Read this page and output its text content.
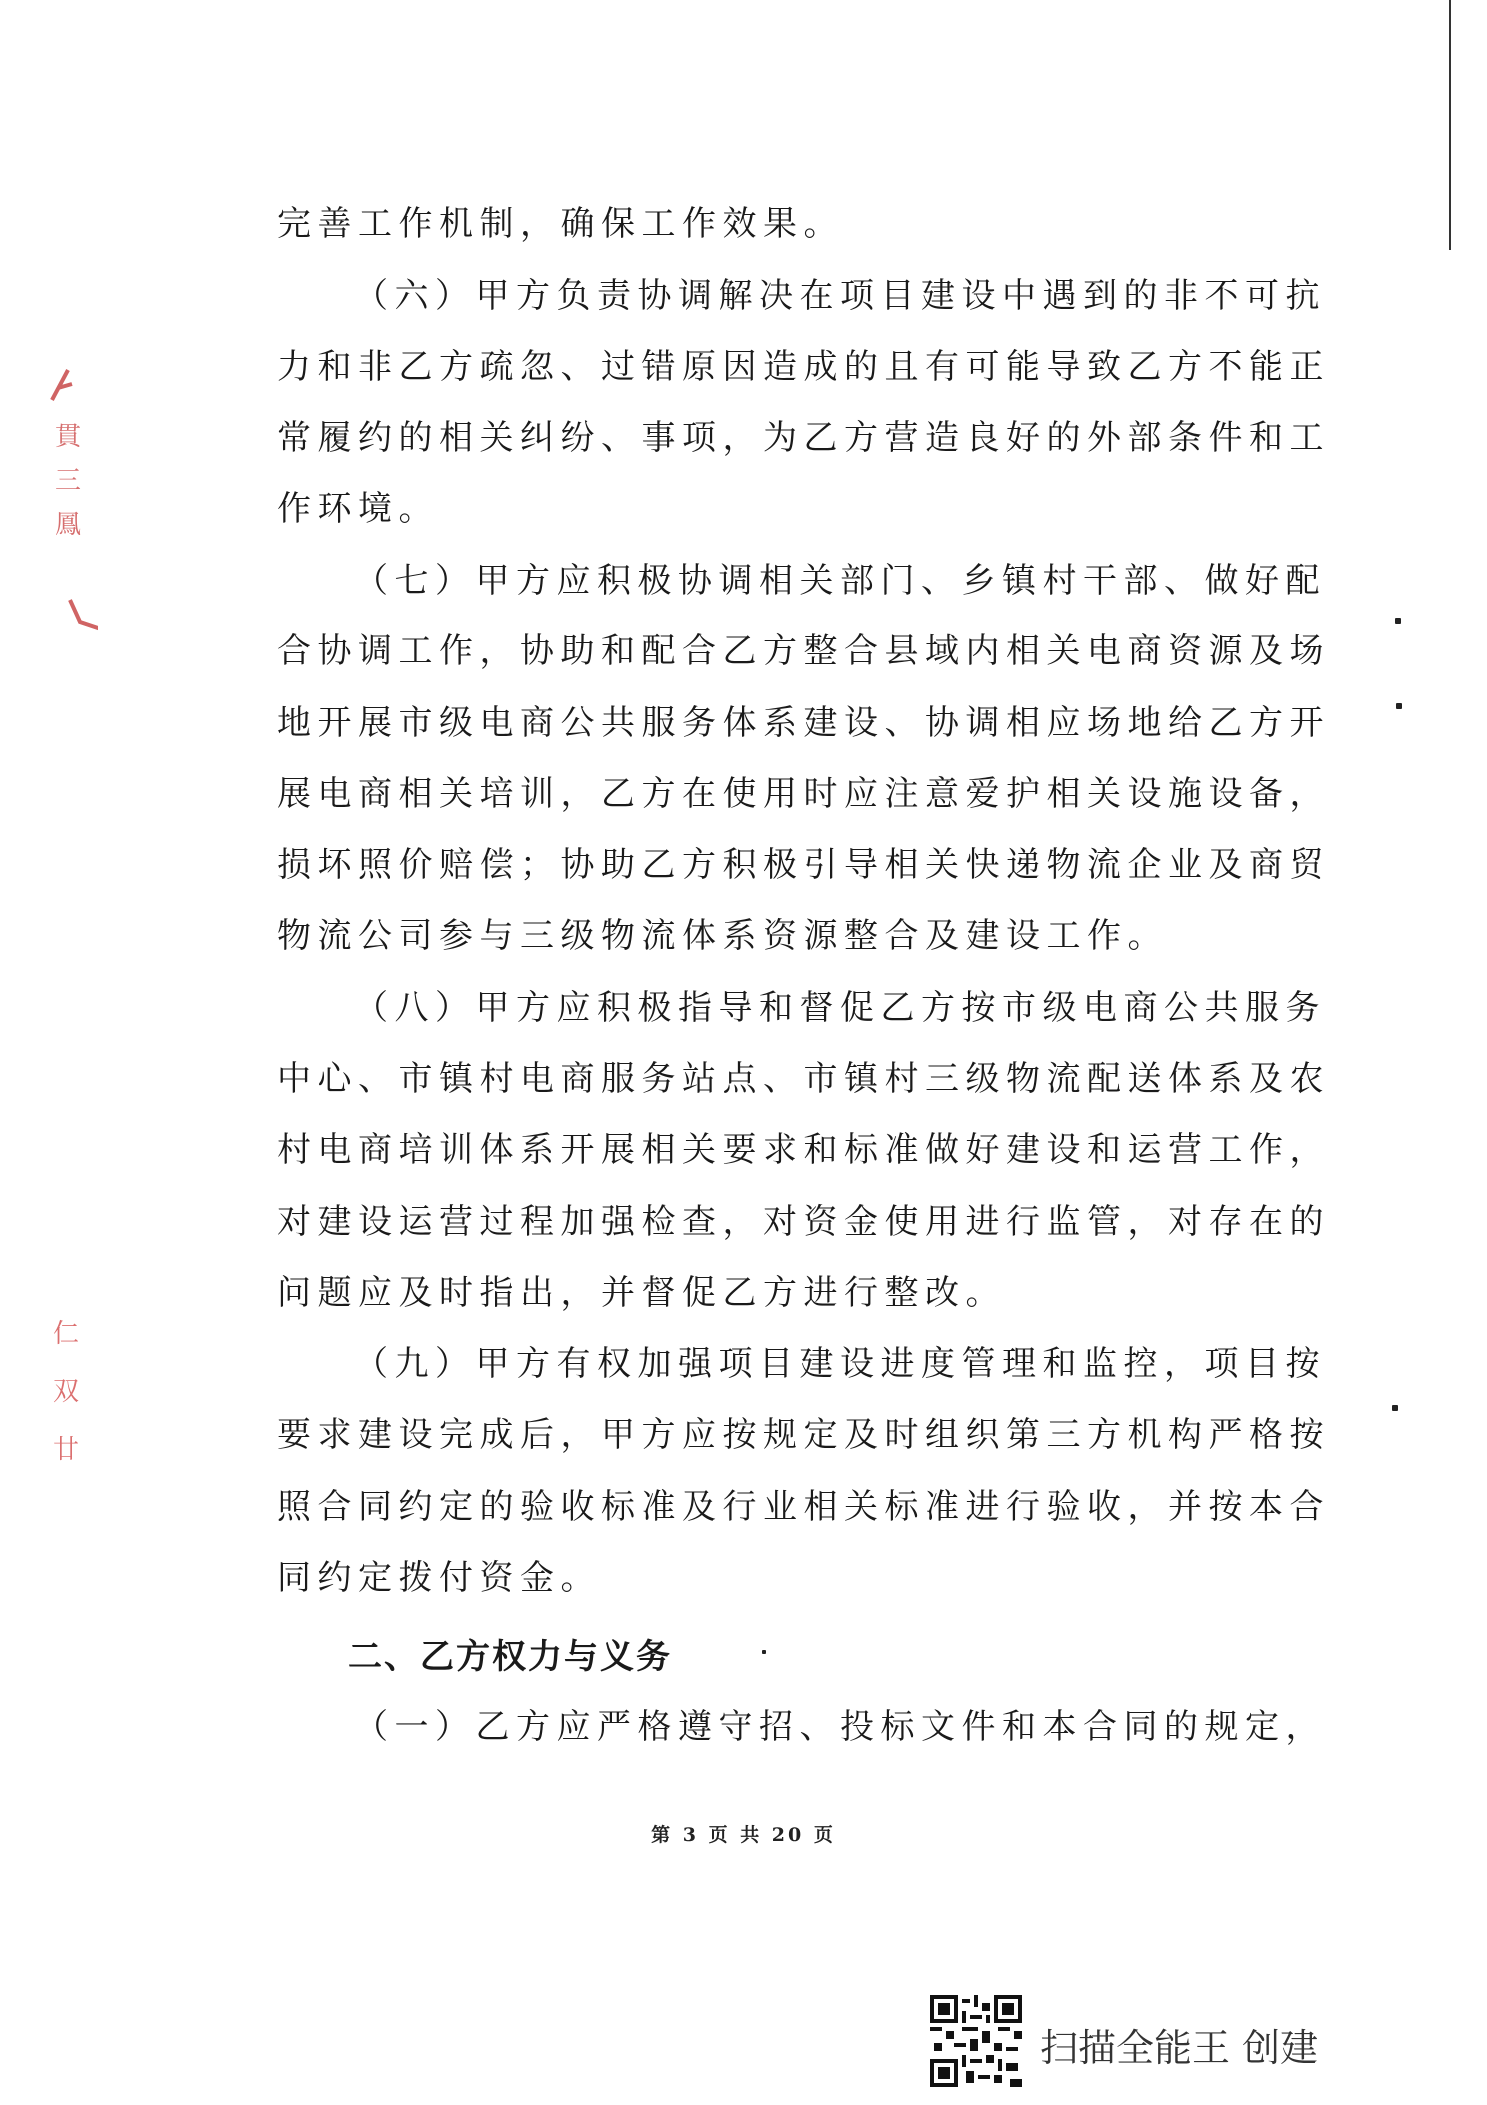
貫
三
鳳
仁
双
廿
完善工作机制，确保工作效果。
（六）甲方负责协调解决在项目建设中遇到的非不可抗
力和非乙方疏忽、过错原因造成的且有可能导致乙方不能正
常履约的相关纠纷、事项，为乙方营造良好的外部条件和工
作环境。
（七）甲方应积极协调相关部门、乡镇村干部、做好配
合协调工作，协助和配合乙方整合县域内相关电商资源及场
地开展市级电商公共服务体系建设、协调相应场地给乙方开
展电商相关培训，乙方在使用时应注意爱护相关设施设备，
损坏照价赔偿；协助乙方积极引导相关快递物流企业及商贸
物流公司参与三级物流体系资源整合及建设工作。
（八）甲方应积极指导和督促乙方按市级电商公共服务
中心、市镇村电商服务站点、市镇村三级物流配送体系及农
村电商培训体系开展相关要求和标准做好建设和运营工作，
对建设运营过程加强检查，对资金使用进行监管，对存在的
问题应及时指出，并督促乙方进行整改。
（九）甲方有权加强项目建设进度管理和监控，项目按
要求建设完成后，甲方应按规定及时组织第三方机构严格按
照合同约定的验收标准及行业相关标准进行验收，并按本合
同约定拨付资金。
二、乙方权力与义务
（一）乙方应严格遵守招、投标文件和本合同的规定，
第 3 页 共 20 页
扫描全能王 创建
